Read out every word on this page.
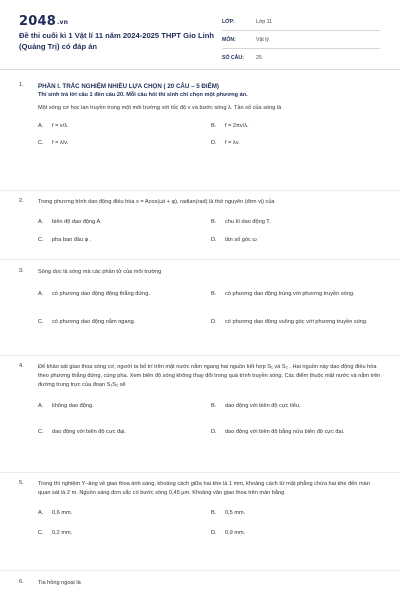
2048.vn
Đề thi cuối kì 1 Vật lí 11 năm 2024-2025 THPT Gio Linh (Quảng Trị) có đáp án
LỚP:	Lớp 11
MÔN:	Vật lý
SỐ CÂU:	25
1. PHẦN I. TRẮC NGHIỆM NHIỀU LỰA CHỌN ( 20 CÂU – 5 ĐIỂM)
Thí sinh trả lời câu 1 đến câu 20. Mỗi câu hỏi thí sinh chỉ chọn một phương án.
Một sóng cơ học lan truyền trong một môi trường với tốc độ v và bước sóng λ. Tần số của sóng là
A.	f = v/λ.	B.	f = 2πv/λ.
C.	f = λ/v.	D.	f = λv.
2.	Trong phương trình dao động điều hòa x = Acos(ωt + φ), radian(rad) là thứ nguyên (đơn vị) của
A.	biên độ dao động A.	B.	chu kì dao động T.
C.	pha ban đầu φ .	D.	tần số góc ω
3.	Sóng dọc là sóng mà các phần tử của môi trường
A.	có phương dao động động thẳng đứng.	B.	có phương dao động trùng với phương truyền sóng.
C.	có phương dao động nằm ngang.	D.	có phương dao động vuông góc với phương truyền sóng.
4.	Để khảo sát giao thoa sóng cơ, người ta bố trí trên mặt nước nằm ngang hai nguồn kết hợp S₁ và S₂ . Hai nguồn này dao động điều hòa theo phương thẳng đứng, cùng pha. Xem biên độ sóng không thay đổi trong quá trình truyền sóng. Các điểm thuộc mặt nước và nằm trên đường trung trực của đoạn S₁S₂ sẽ
A.	không dao động.	B.	dao động với biên độ cực tiểu.
C.	dao động với biên độ cực đại.	D.	dao động với biên độ bằng nửa biên độ cực đại.
5.	Trong thí nghiệm Y–âng về giao thoa ánh sáng, khoảng cách giữa hai khe là 1 mm, khoảng cách từ mặt phẳng chứa hai khe đến màn quan sát là 2 m. Nguồn sáng đơn sắc có bước sóng 0,45 μm. Khoảng vân giao thoa trên màn bằng
A.	0,6 mm.	B.	0,5 mm.
C.	0,2 mm.	D.	0,9 mm.
6.	Tia hồng ngoại là
